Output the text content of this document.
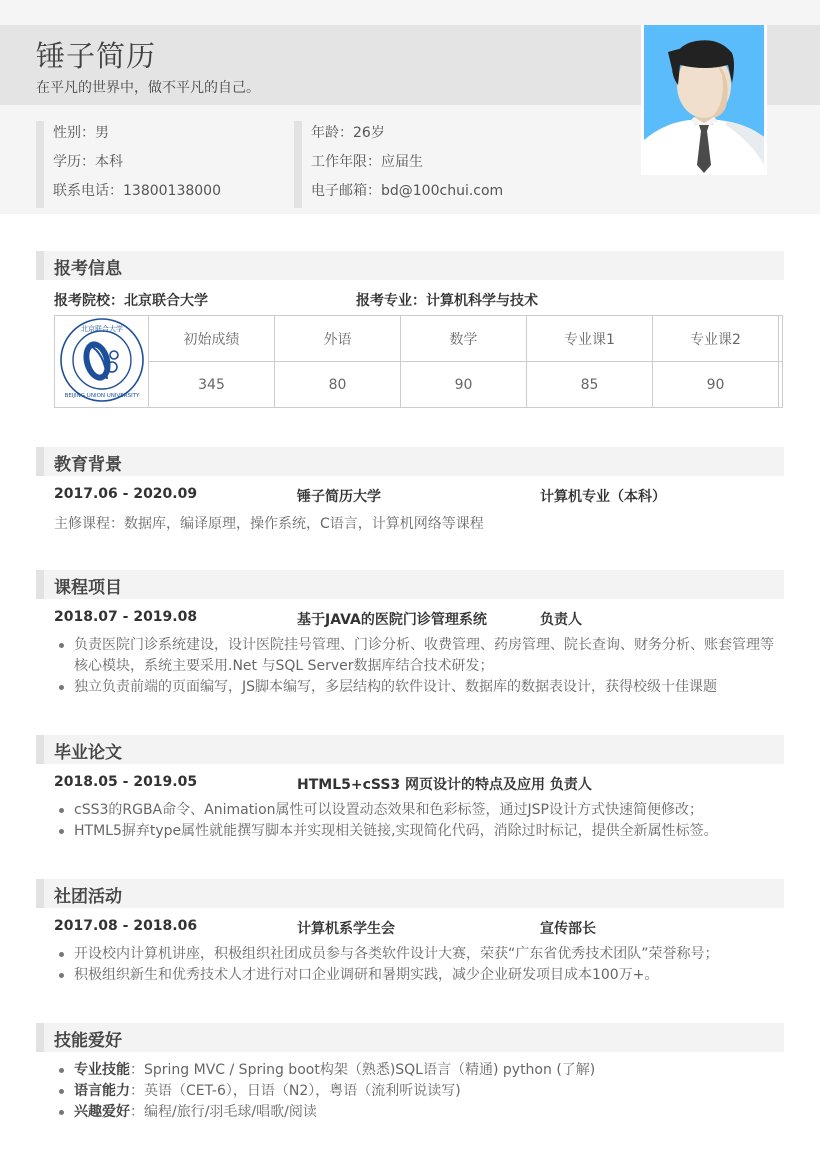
锤子简历
在平凡的世界中，做不平凡的自己。
性别：男
学历：本科
联系电话：13800138000
年龄：26岁
工作年限：应届生
电子邮箱：bd@100chui.com
报考信息
报考院校：北京联合大学	报考专业：计算机科学与技术
北京联合大学
BEIJING UNION UNIVERSITY	初始成绩	外语	数学	专业课1	专业课2	
	345	80	90	85	90	
教育背景
2017.06 - 2020.09	锤子简历大学	计算机专业（本科）
主修课程：数据库，编译原理，操作系统，C语言，计算机网络等课程
课程项目
2018.07 - 2019.08	基于JAVA的医院门诊管理系统	负责人
负责医院门诊系统建设，设计医院挂号管理、门诊分析、收费管理、药房管理、院长查询、财务分析、账套管理等核心模块，系统主要采用.Net 与SQL Server数据库结合技术研发；
独立负责前端的页面编写，JS脚本编写，多层结构的软件设计、数据库的数据表设计，获得校级十佳课题
毕业论文
2018.05 - 2019.05	HTML5+cSS3 网页设计的特点及应用 负责人
cSS3的RGBA命令、Animation属性可以设置动态效果和色彩标签，通过JSP设计方式快速简便修改；
HTML5摒弃type属性就能撰写脚本并实现相关链接,实现简化代码，消除过时标记，提供全新属性标签。
社团活动
2017.08 - 2018.06	计算机系学生会	宣传部长
开设校内计算机讲座，积极组织社团成员参与各类软件设计大赛，荣获“广东省优秀技术团队”荣誉称号；
积极组织新生和优秀技术人才进行对口企业调研和暑期实践，减少企业研发项目成本100万+。
技能爱好
专业技能：Spring MVC / Spring boot构架（熟悉)SQL语言（精通) python (了解)
语言能力：英语（CET-6），日语（N2），粤语（流利听说读写)
兴趣爱好：编程/旅行/羽毛球/唱歌/阅读
